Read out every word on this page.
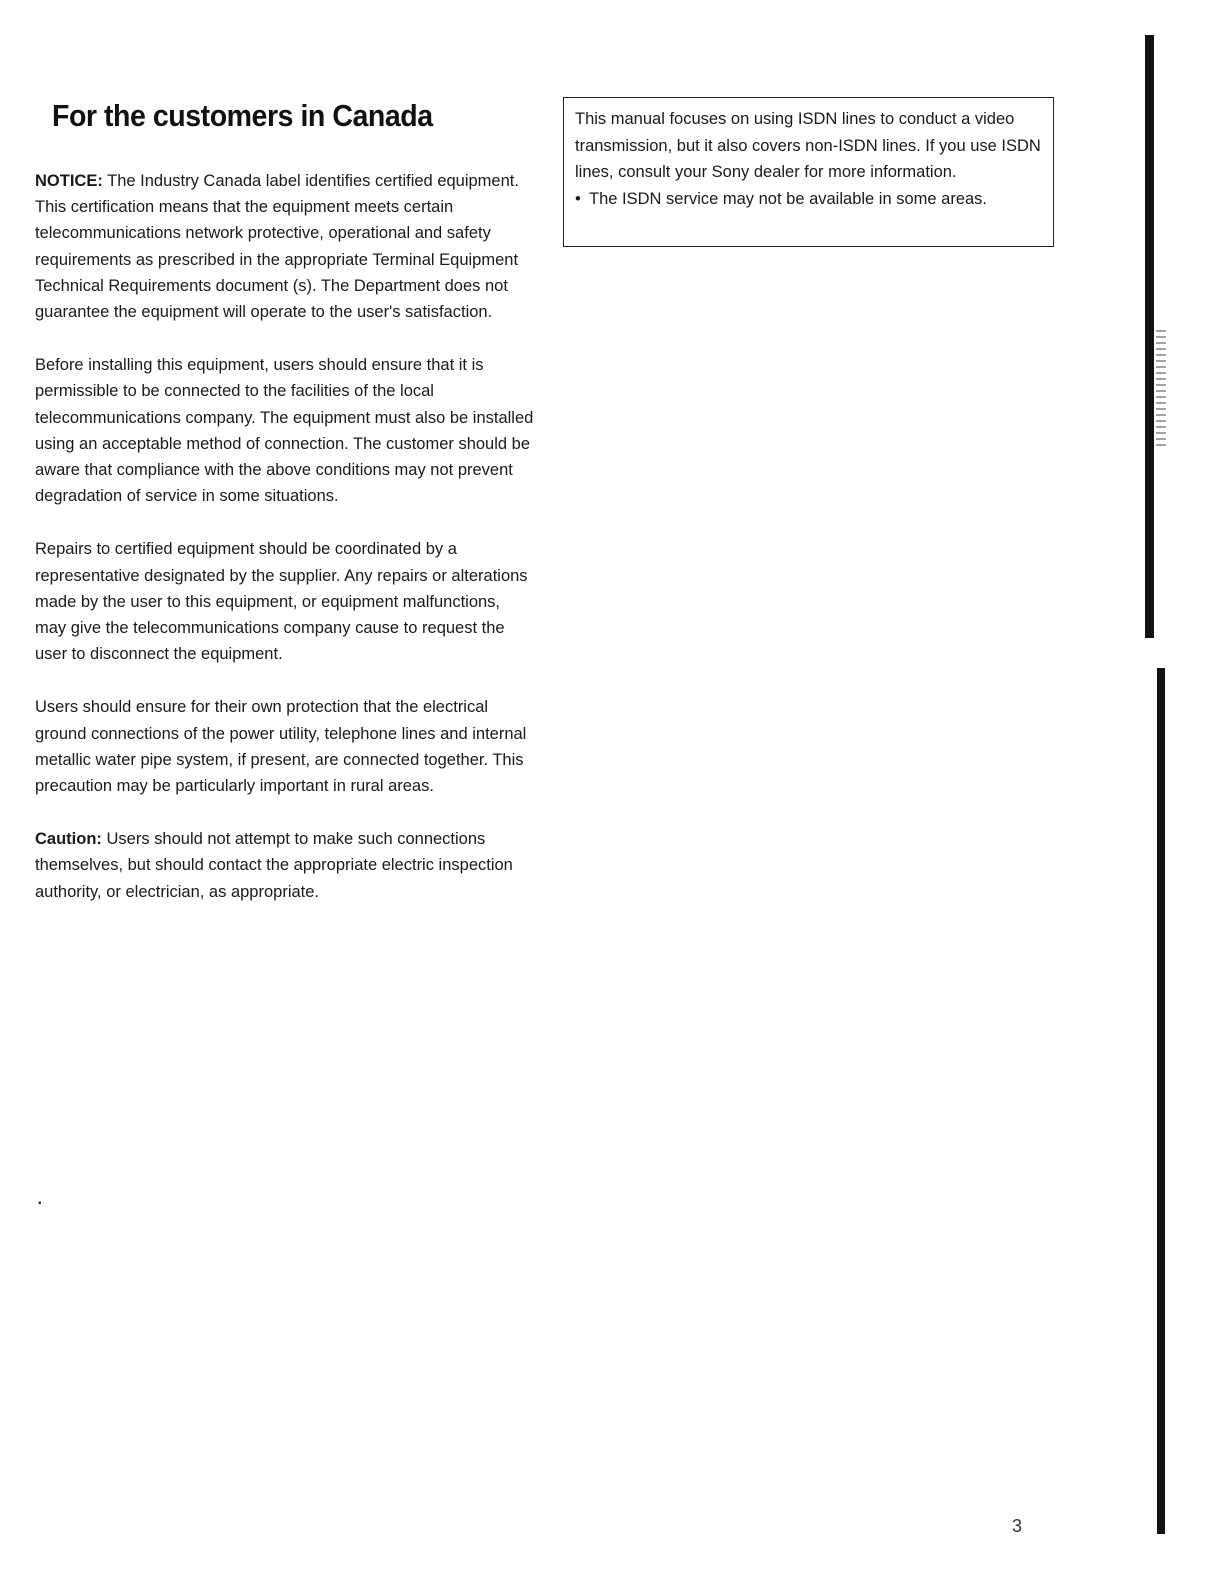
For the customers in Canada

NOTICE: The Industry Canada label identifies certified equipment. This certification means that the equipment meets certain telecommunications network protective, operational and safety requirements as prescribed in the appropriate Terminal Equipment Technical Requirements document (s). The Department does not guarantee the equipment will operate to the user's satisfaction.

Before installing this equipment, users should ensure that it is permissible to be connected to the facilities of the local telecommunications company. The equipment must also be installed using an acceptable method of connection. The customer should be aware that compliance with the above conditions may not prevent degradation of service in some situations.

Repairs to certified equipment should be coordinated by a representative designated by the supplier. Any repairs or alterations made by the user to this equipment, or equipment malfunctions, may give the telecommunications company cause to request the user to disconnect the equipment.

Users should ensure for their own protection that the electrical ground connections of the power utility, telephone lines and internal metallic water pipe system, if present, are connected together. This precaution may be particularly important in rural areas.

Caution: Users should not attempt to make such connections themselves, but should contact the appropriate electric inspection authority, or electrician, as appropriate.

This manual focuses on using ISDN lines to conduct a video transmission, but it also covers non-ISDN lines. If you use ISDN lines, consult your Sony dealer for more information.

• The ISDN service may not be available in some areas.
▪
3
